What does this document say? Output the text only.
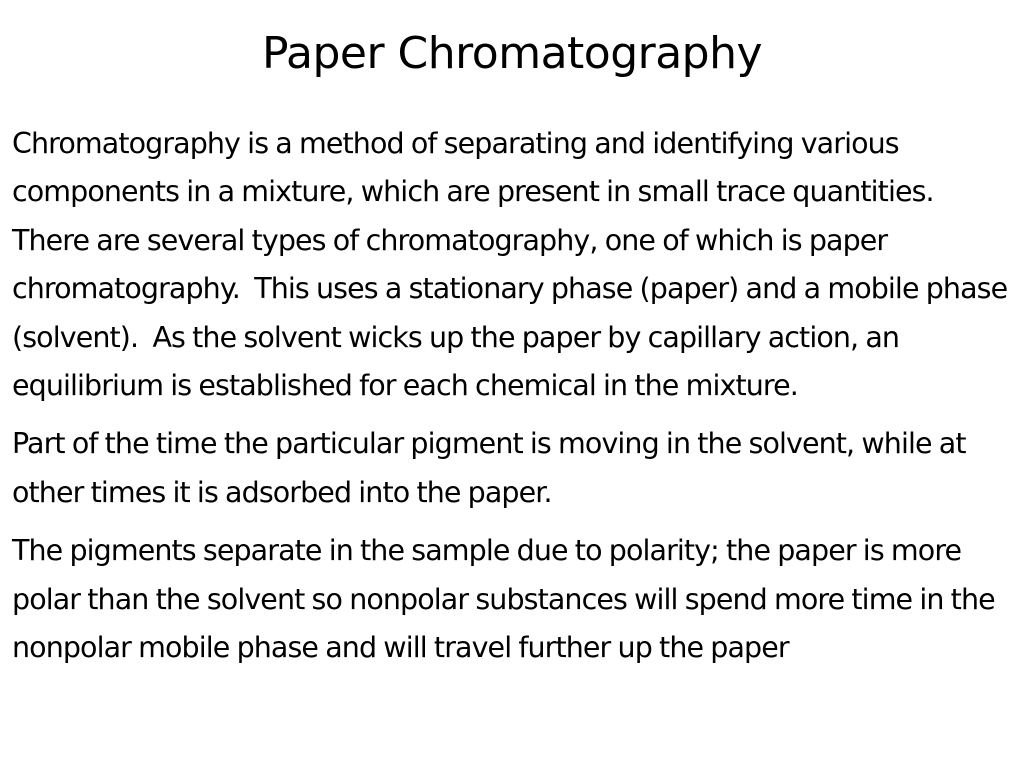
Paper Chromatography

Chromatography is a method of separating and identifying various components in a mixture, which are present in small trace quantities. There are several types of chromatography, one of which is paper chromatography.  This uses a stationary phase (paper) and a mobile phase (solvent).  As the solvent wicks up the paper by capillary action, an equilibrium is established for each chemical in the mixture.

Part of the time the particular pigment is moving in the solvent, while at other times it is adsorbed into the paper.

The pigments separate in the sample due to polarity; the paper is more polar than the solvent so nonpolar substances will spend more time in the nonpolar mobile phase and will travel further up the paper
